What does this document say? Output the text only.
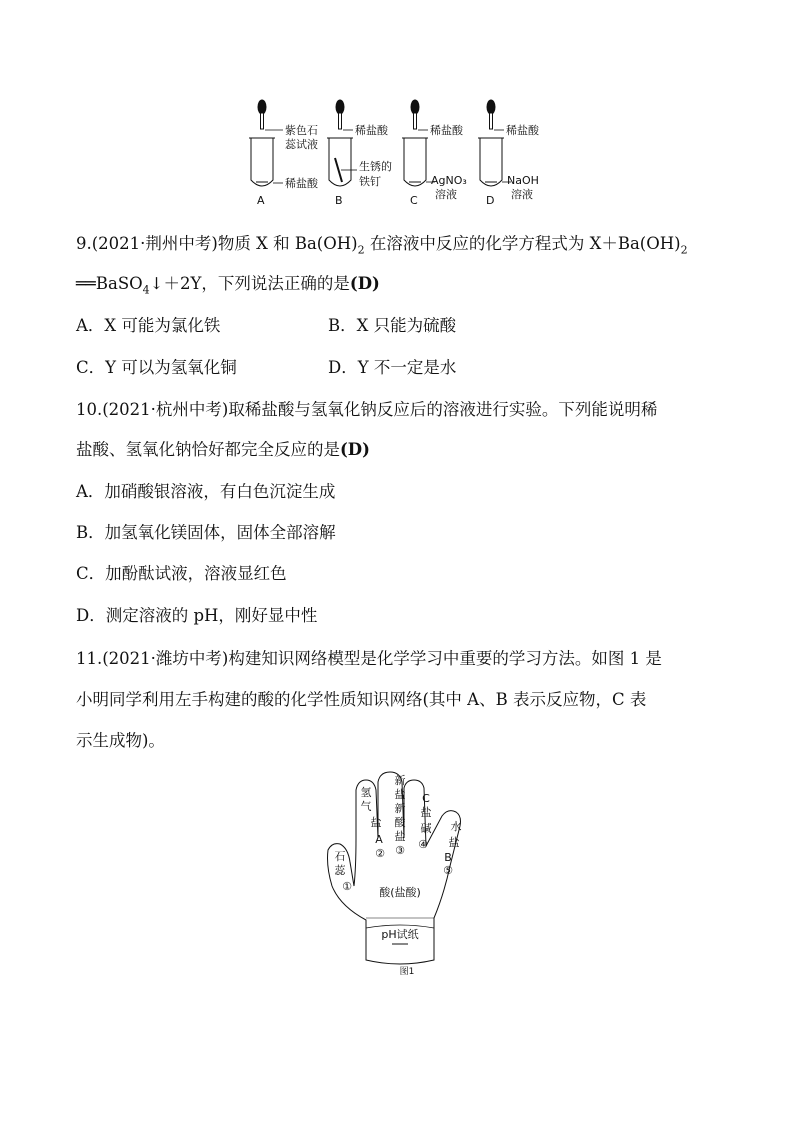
紫色石
蕊试液
稀盐酸
A
稀盐酸
生锈的
铁钉
B
稀盐酸
AgNO₃
溶液
C
稀盐酸
NaOH
溶液
D
9.(2021·荆州中考)物质 X 和 $Ba(OH)_2$ 在溶液中反应的化学方程式为 $X+Ba(OH)_2$
══BaSO$_4$↓＋2Y，下列说法正确的是(D)
A．X 可能为氯化铁	B．X 只能为硫酸
C．Y 可以为氢氧化铜	D．Y 不一定是水
10.(2021·杭州中考)取稀盐酸与氢氧化钠反应后的溶液进行实验。下列能说明稀
盐酸、氢氧化钠恰好都完全反应的是(D)
A．加硝酸银溶液，有白色沉淀生成
B．加氢氧化镁固体，固体全部溶解
C．加酚酞试液，溶液显红色
D．测定溶液的 pH，刚好显中性
11.(2021·潍坊中考)构建知识网络模型是化学学习中重要的学习方法。如图 1 是
小明同学利用左手构建的酸的化学性质知识网络(其中 A、B 表示反应物，C 表
示生成物)。
石
蕊
①
氢
气
盐
A
②
新
盐
新
酸
盐
③
C
盐
碱
④
水
盐
B
⑤
酸(盐酸)
pH试纸
图1
